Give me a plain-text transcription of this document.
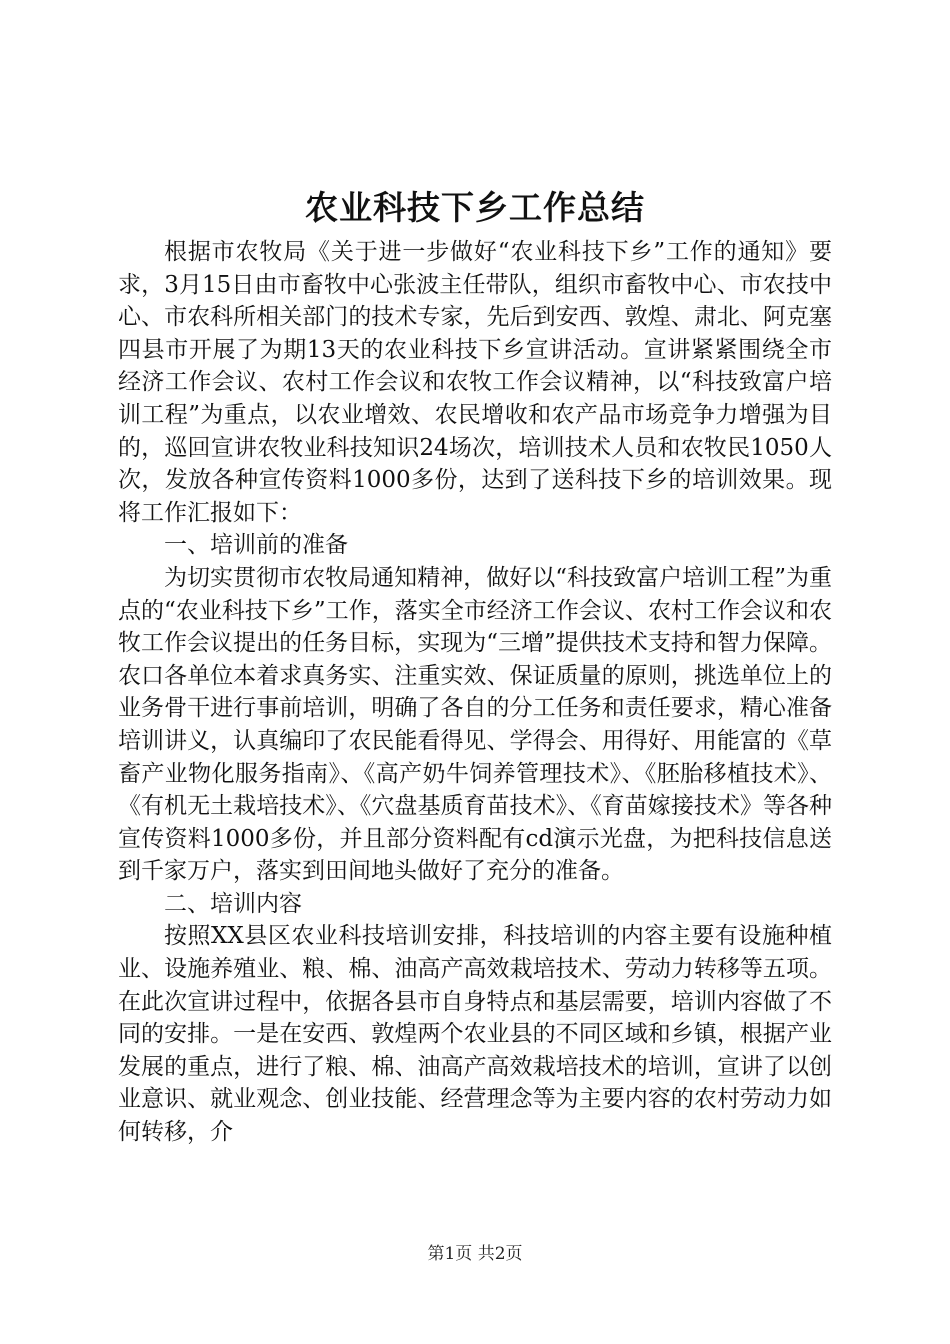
农业科技下乡工作总结

根据市农牧局《关于进一步做好“农业科技下乡”工作的通知》要求，3月15日由市畜牧中心张波主任带队，组织市畜牧中心、市农技中心、市农科所相关部门的技术专家，先后到安西、敦煌、肃北、阿克塞四县市开展了为期13天的农业科技下乡宣讲活动。宣讲紧紧围绕全市经济工作会议、农村工作会议和农牧工作会议精神，以“科技致富户培训工程”为重点，以农业增效、农民增收和农产品市场竞争力增强为目的，巡回宣讲农牧业科技知识24场次，培训技术人员和农牧民1050人次，发放各种宣传资料1000多份，达到了送科技下乡的培训效果。现将工作汇报如下：

一、培训前的准备

为切实贯彻市农牧局通知精神，做好以“科技致富户培训工程”为重点的“农业科技下乡”工作，落实全市经济工作会议、农村工作会议和农牧工作会议提出的任务目标，实现为“三增”提供技术支持和智力保障。农口各单位本着求真务实、注重实效、保证质量的原则，挑选单位上的业务骨干进行事前培训，明确了各自的分工任务和责任要求，精心准备培训讲义，认真编印了农民能看得见、学得会、用得好、用能富的《草畜产业物化服务指南》、《高产奶牛饲养管理技术》、《胚胎移植技术》、《有机无土栽培技术》、《穴盘基质育苗技术》、《育苗嫁接技术》等各种宣传资料1000多份，并且部分资料配有cd演示光盘，为把科技信息送到千家万户，落实到田间地头做好了充分的准备。

二、培训内容

按照XX县区农业科技培训安排，科技培训的内容主要有设施种植业、设施养殖业、粮、棉、油高产高效栽培技术、劳动力转移等五项。在此次宣讲过程中，依据各县市自身特点和基层需要，培训内容做了不同的安排。一是在安西、敦煌两个农业县的不同区域和乡镇，根据产业发展的重点，进行了粮、棉、油高产高效栽培技术的培训，宣讲了以创业意识、就业观念、创业技能、经营理念等为主要内容的农村劳动力如何转移，介

第1页 共2页
